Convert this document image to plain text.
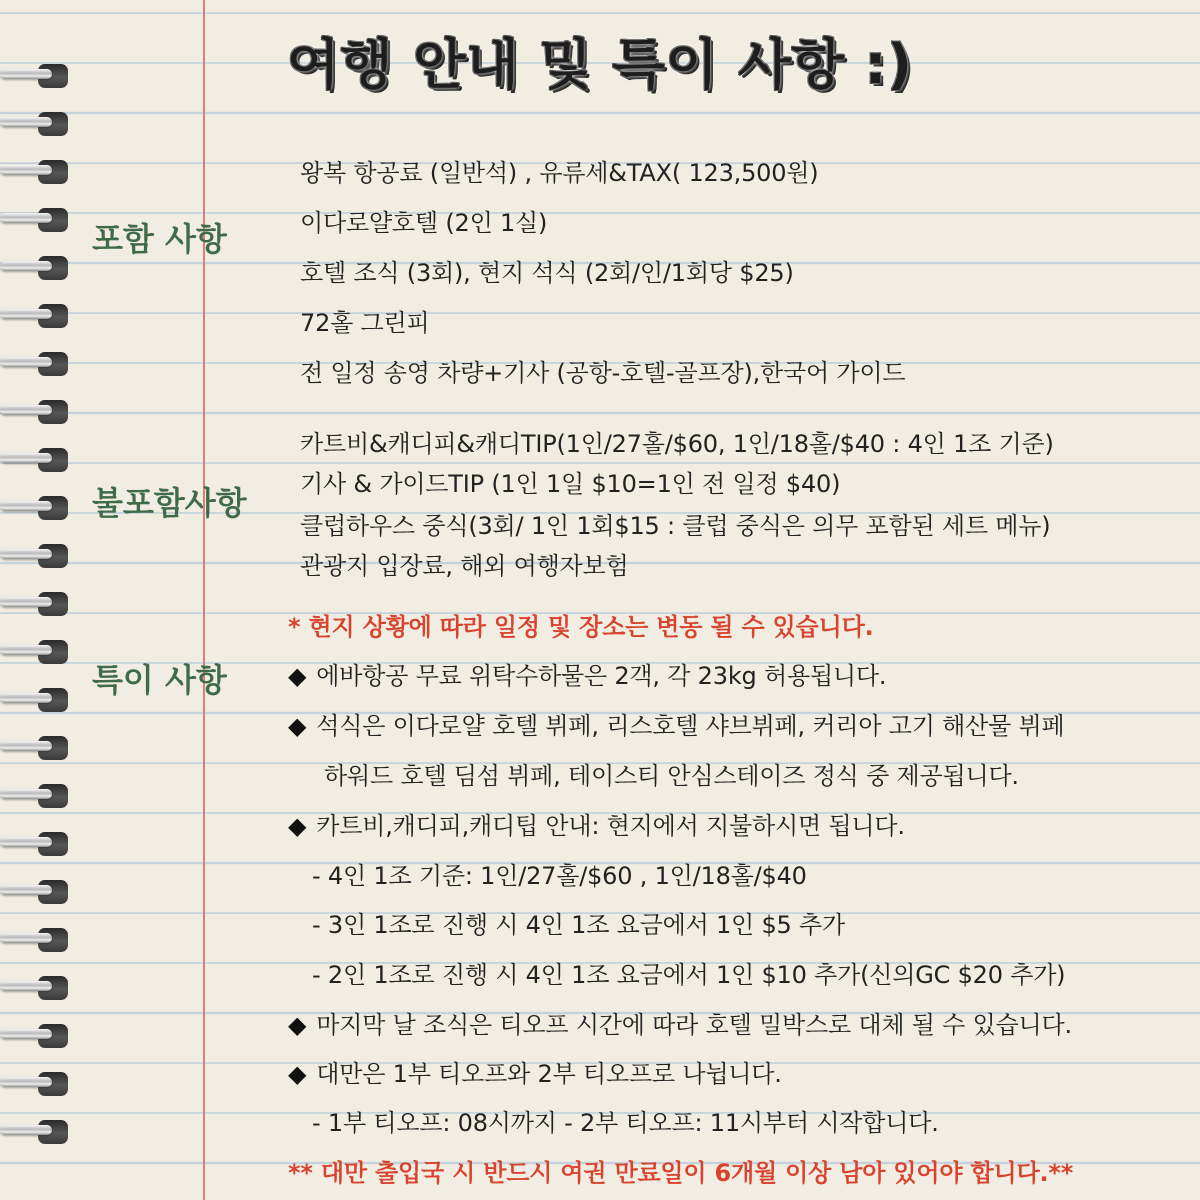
여행 안내 및 특이 사항 :)
포함 사항
왕복 항공료 (일반석) , 유류세&TAX( 123,500원)
이다로얄호텔 (2인 1실)
호텔 조식 (3회), 현지 석식 (2회/인/1회당 $25)
72홀 그린피
전 일정 송영 차량+기사 (공항-호텔-골프장),한국어 가이드
불포함사항
카트비&캐디피&캐디TIP(1인/27홀/$60, 1인/18홀/$40 : 4인 1조 기준)
기사 & 가이드TIP (1인 1일 $10=1인 전 일정 $40)
클럽하우스 중식(3회/ 1인 1회$15 : 클럽 중식은 의무 포함된 세트 메뉴)
관광지 입장료, 해외 여행자보험
특이 사항
* 현지 상황에 따라 일정 및 장소는 변동 될 수 있습니다.
◆ 에바항공 무료 위탁수하물은 2객, 각 23kg 허용됩니다.
◆ 석식은 이다로얄 호텔 뷔페, 리스호텔 샤브뷔페, 커리아 고기 해산물 뷔페
하워드 호텔 딤섬 뷔페, 테이스티 안심스테이즈 정식 중 제공됩니다.
◆ 카트비,캐디피,캐디팁 안내: 현지에서 지불하시면 됩니다.
- 4인 1조 기준: 1인/27홀/$60 , 1인/18홀/$40
- 3인 1조로 진행 시 4인 1조 요금에서 1인 $5 추가
- 2인 1조로 진행 시 4인 1조 요금에서 1인 $10 추가(신의GC $20 추가)
◆ 마지막 날 조식은 티오프 시간에 따라 호텔 밀박스로 대체 될 수 있습니다.
◆ 대만은 1부 티오프와 2부 티오프로 나뉩니다.
- 1부 티오프: 08시까지 - 2부 티오프: 11시부터 시작합니다.
** 대만 출입국 시 반드시 여권 만료일이 6개월 이상 남아 있어야 합니다.**
